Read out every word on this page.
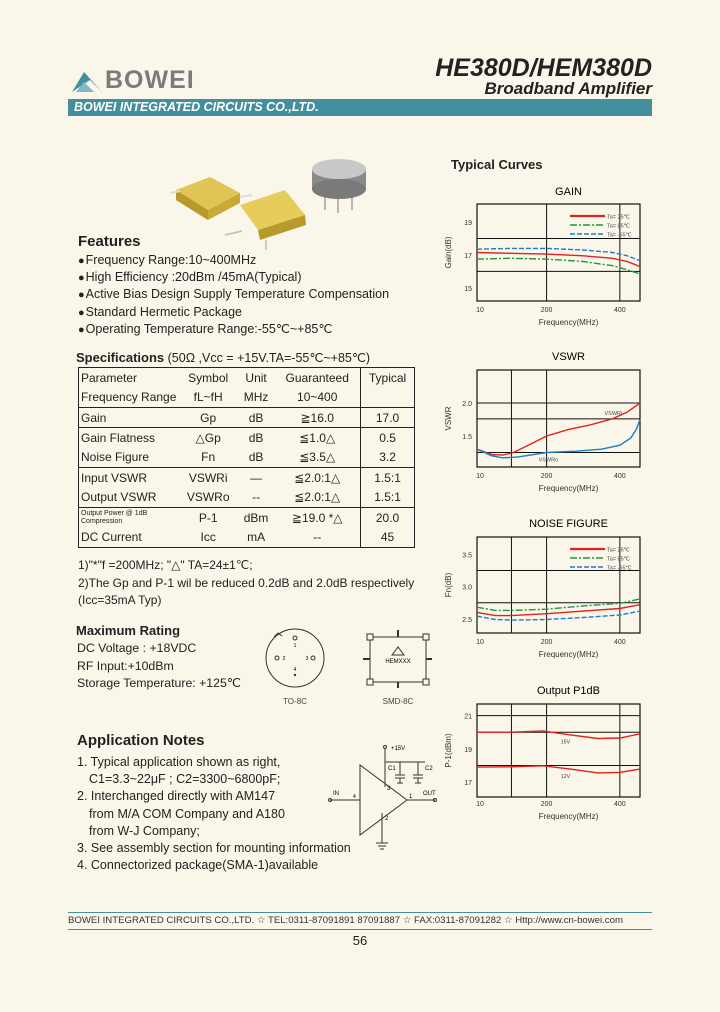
BOWEI	HE380D/HEM380D
Broadband Amplifier
BOWEI INTEGRATED CIRCUITS CO.,LTD.
Features
● Frequency Range:10~400MHz
● High Efficiency :20dBm /45mA(Typical)
● Active Bias Design Supply Temperature Compensation
● Standard Hermetic Package
● Operating Temperature Range:-55℃~+85℃
Specifications (50Ω ,Vcc = +15V.TA=-55℃~+85℃)
Parameter	Symbol	Unit	Guaranteed	Typical
Frequency Range	fL~fH	MHz	10~400	
Gain	Gp	dB	≧16.0	17.0
Gain Flatness	△Gp	dB	≦1.0△	0.5
Noise Figure	Fn	dB	≦3.5△	3.2
Input VSWR	VSWRi	—	≦2.0:1△	1.5:1
Output VSWR	VSWRo	--	≦2.0:1△	1.5:1
Output Power @ 1dB Compression	P-1	dBm	≧19.0 *△	20.0
DC Current	Icc	mA	--	45
1)"*"f =200MHz; "△" TA=24±1℃;
2)The Gp and P-1 wil be reduced 0.2dB and 2.0dB respectively
(Icc=35mA Typ)
Maximum Rating
DC Voltage : +18VDC
RF Input:+10dBm
Storage Temperature: +125℃
1
2	3
4
TO-8C
HEMXXX
SMD-8C
Application Notes
1. Typical application shown as right,
C1=3.3~22μF ; C2=3300~6800pF;
2. Interchanged directly with AM147
from M/A COM Company and A180
from W-J Company;
3. See assembly section for mounting information
4. Connectorized package(SMA-1)available
+15V
C1	C2
IN	OUT
4	1
3
2
Typical Curves
GAIN
10	200	400
15
17
19
Frequency(MHz)
Gain(dB)
Ta= 25℃
Ta= 85℃
Ta= -55℃
VSWR
10	200	400
1.5
2.0
Frequency(MHz)
VSWR	VSWRi
VSWRo
NOISE FIGURE
10	200	400
2.5
3.0
3.5
Frequency(MHz)
Fn(dB)
Ta= 25℃
Ta= 85℃
Ta= -55℃
Output P1dB
10	200	400
17
19
21
Frequency(MHz)
P-1(dBm)	15V
12V
BOWEI INTEGRATED CIRCUITS CO.,LTD. ☆ TEL:0311-87091891 87091887 ☆ FAX:0311-87091282 ☆ Http://www.cn-bowei.com
56
